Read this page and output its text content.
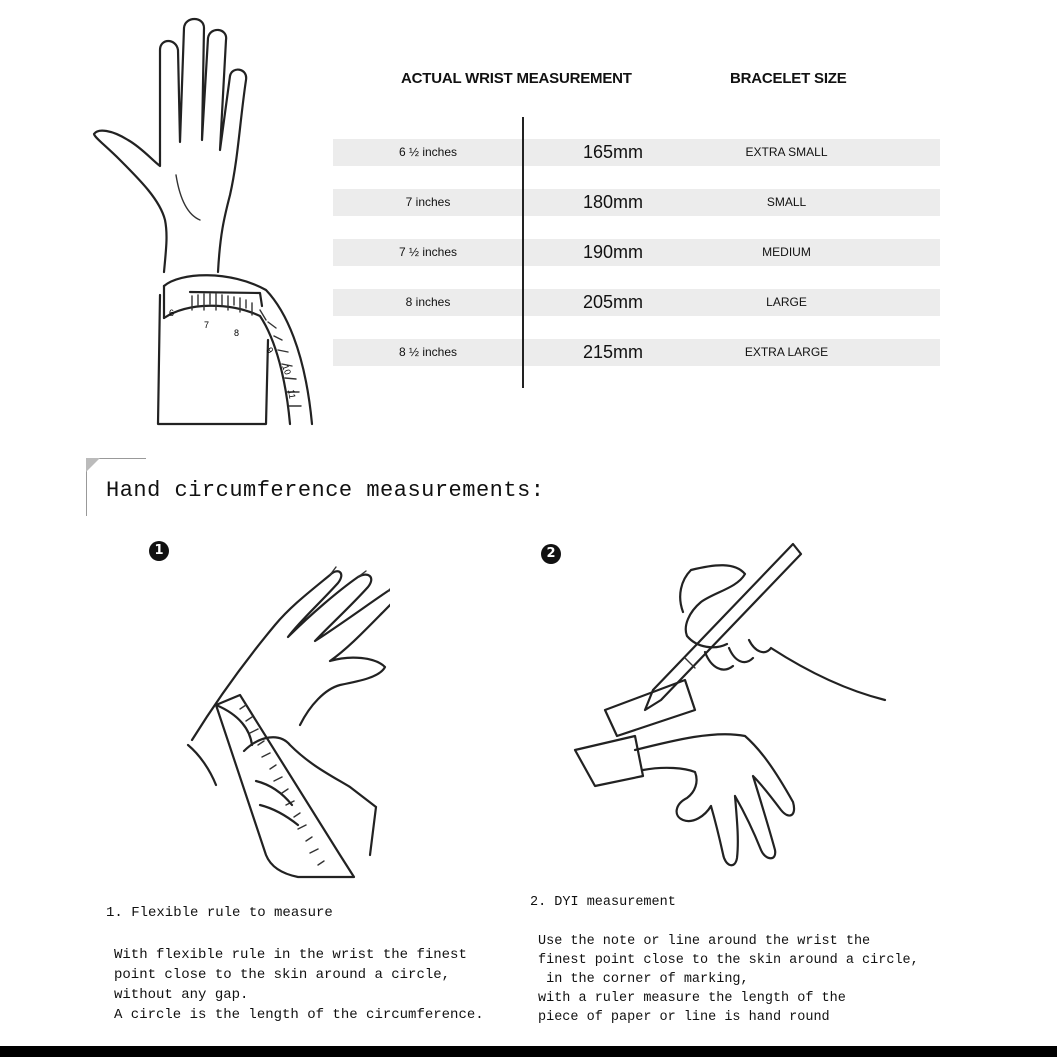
6
7
8
9
10
11
ACTUAL WRIST MEASUREMENT	BRACELET SIZE
6 ½ inches	165mm	EXTRA SMALL
7 inches	180mm	SMALL
7 ½ inches	190mm	MEDIUM
8 inches	205mm	LARGE
8 ½ inches	215mm	EXTRA LARGE
Hand circumference measurements:
1	2
1. Flexible rule to measure
With flexible rule in the wrist the finest
point close to the skin around a circle,
without any gap.
A circle is the length of the circumference.
2. DYI measurement
Use the note or line around the wrist the
finest point close to the skin around a circle,
in the corner of marking,
with a ruler measure the length of the
piece of paper or line is hand round
